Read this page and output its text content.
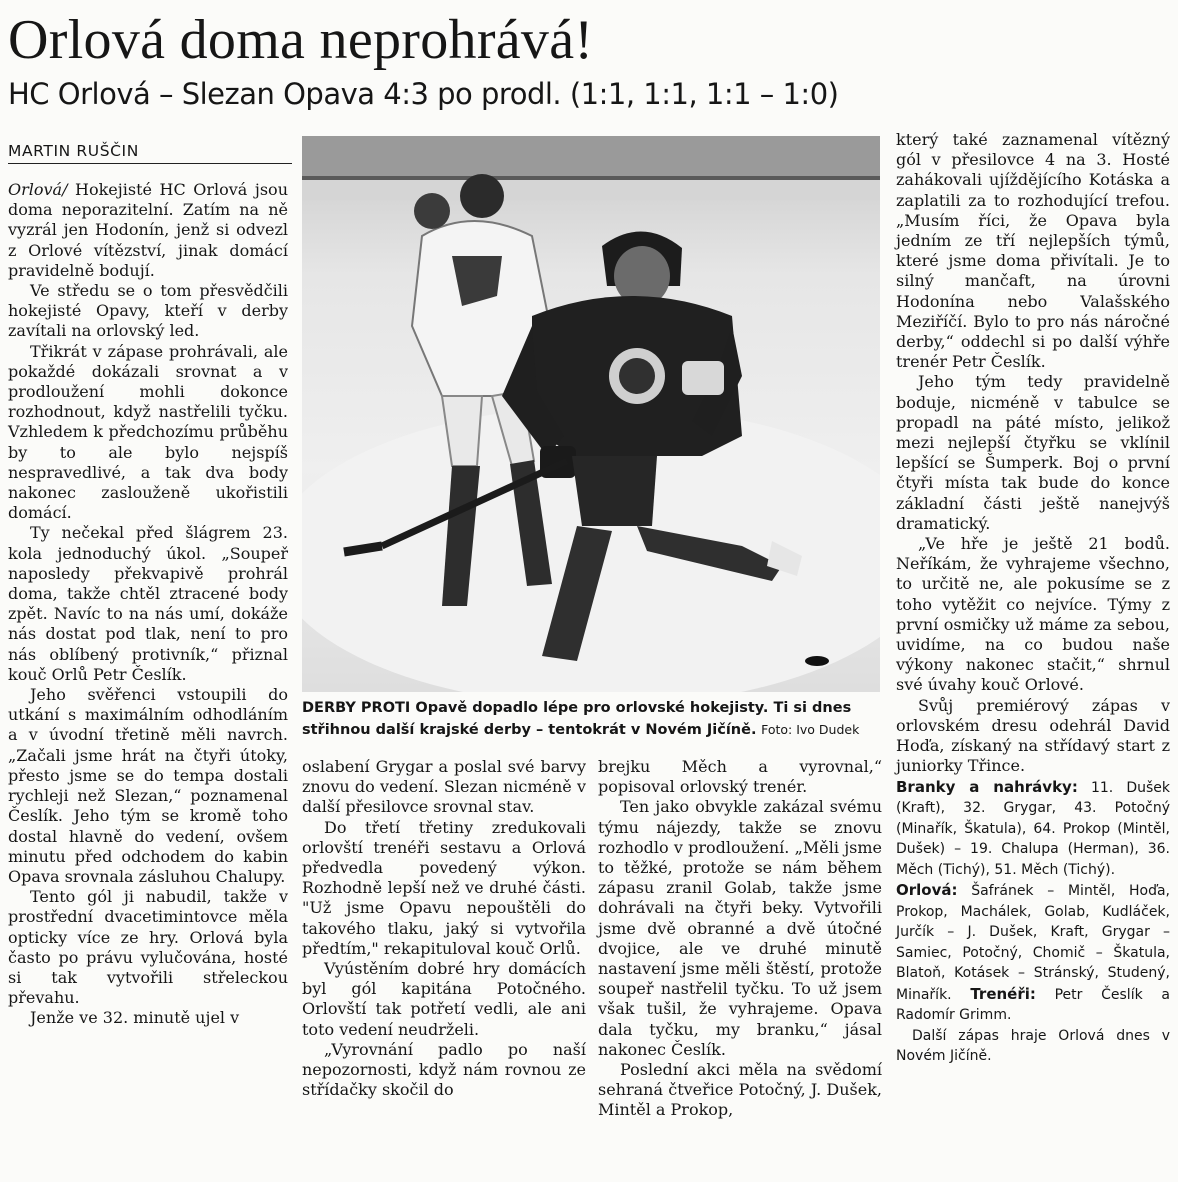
Orlová doma neprohrává!
HC Orlová – Slezan Opava 4:3 po prodl. (1:1, 1:1, 1:1 – 1:0)
MARTIN RUŠČIN

Orlová/ Hokejisté HC Orlová jsou doma neporazitelní. Zatím na ně vyzrál jen Hodonín, jenž si odvezl z Orlové vítězství, jinak domácí pravidelně bodují.

Ve středu se o tom přesvědčili hokejisté Opavy, kteří v derby zavítali na orlovský led.

Třikrát v zápase prohrávali, ale pokaždé dokázali srovnat a v prodloužení mohli dokonce rozhodnout, když nastřelili tyčku. Vzhledem k předchozímu průběhu by to ale bylo nejspíš nespravedlivé, a tak dva body nakonec zaslouženě ukořistili domácí.

Ty nečekal před šlágrem 23. kola jednoduchý úkol. „Soupeř naposledy překvapivě prohrál doma, takže chtěl ztracené body zpět. Navíc to na nás umí, dokáže nás dostat pod tlak, není to pro nás oblíbený protivník,“ přiznal kouč Orlů Petr Česlík.

Jeho svěřenci vstoupili do utkání s maximálním odhodláním a v úvodní třetině měli navrch. „Začali jsme hrát na čtyři útoky, přesto jsme se do tempa dostali rychleji než Slezan,“ poznamenal Česlík. Jeho tým se kromě toho dostal hlavně do vedení, ovšem minutu před odchodem do kabin Opava srovnala zásluhou Chalupy.

Tento gól ji nabudil, takže v prostřední dvacetimintovce měla opticky více ze hry. Orlová byla často po právu vylučována, hosté si tak vytvořili střeleckou převahu.

Jenže ve 32. minutě ujel v

DERBY PROTI Opavě dopadlo lépe pro orlovské hokejisty. Ti si dnes střihnou další krajské derby – tentokrát v Novém Jičíně. Foto: Ivo Dudek

oslabení Grygar a poslal své barvy znovu do vedení. Slezan nicméně v další přesilovce srovnal stav.

Do třetí třetiny zredukovali orlovští trenéři sestavu a Orlová předvedla povedený výkon. Rozhodně lepší než ve druhé části. "Už jsme Opavu nepouštěli do takového tlaku, jaký si vytvořila předtím," rekapituloval kouč Orlů.

Vyústěním dobré hry domácích byl gól kapitána Potočného. Orlovští tak potřetí vedli, ale ani toto vedení neudrželi.

„Vyrovnání padlo po naší nepozornosti, když nám rovnou ze střídačky skočil do

brejku Měch a vyrovnal,“ popisoval orlovský trenér.

Ten jako obvykle zakázal svému týmu nájezdy, takže se znovu rozhodlo v prodloužení. „Měli jsme to těžké, protože se nám během zápasu zranil Golab, takže jsme dohrávali na čtyři beky. Vytvořili jsme dvě obranné a dvě útočné dvojice, ale ve druhé minutě nastavení jsme měli štěstí, protože soupeř nastřelil tyčku. To už jsem však tušil, že vyhrajeme. Opava dala tyčku, my branku,“ jásal nakonec Česlík.

Poslední akci měla na svědomí sehraná čtveřice Potočný, J. Dušek, Mintěl a Prokop,

který také zaznamenal vítězný gól v přesilovce 4 na 3. Hosté zahákovali ujíždějícího Kotáska a zaplatili za to rozhodující trefou. „Musím říci, že Opava byla jedním ze tří nejlepších týmů, které jsme doma přivítali. Je to silný mančaft, na úrovni Hodonína nebo Valašského Meziříčí. Bylo to pro nás náročné derby,“ oddechl si po další výhře trenér Petr Česlík.

Jeho tým tedy pravidelně boduje, nicméně v tabulce se propadl na páté místo, jelikož mezi nejlepší čtyřku se vklínil lepšící se Šumperk. Boj o první čtyři místa tak bude do konce základní části ještě nanejvýš dramatický.

„Ve hře je ještě 21 bodů. Neříkám, že vyhrajeme všechno, to určitě ne, ale pokusíme se z toho vytěžit co nejvíce. Týmy z první osmičky už máme za sebou, uvidíme, na co budou naše výkony nakonec stačit,“ shrnul své úvahy kouč Orlové.

Svůj premiérový zápas v orlovském dresu odehrál David Hoďa, získaný na střídavý start z juniorky Třince.

Branky a nahrávky: 11. Dušek (Kraft), 32. Grygar, 43. Potočný (Minařík, Škatula), 64. Prokop (Mintěl, Dušek) – 19. Chalupa (Herman), 36. Měch (Tichý), 51. Měch (Tichý).

Orlová: Šafránek – Mintěl, Hoďa, Prokop, Machálek, Golab, Kudláček, Jurčík – J. Dušek, Kraft, Grygar – Samiec, Potočný, Chomič – Škatula, Blatoň, Kotásek – Stránský, Studený, Minařík. Trenéři: Petr Česlík a Radomír Grimm.

Další zápas hraje Orlová dnes v Novém Jičíně.
